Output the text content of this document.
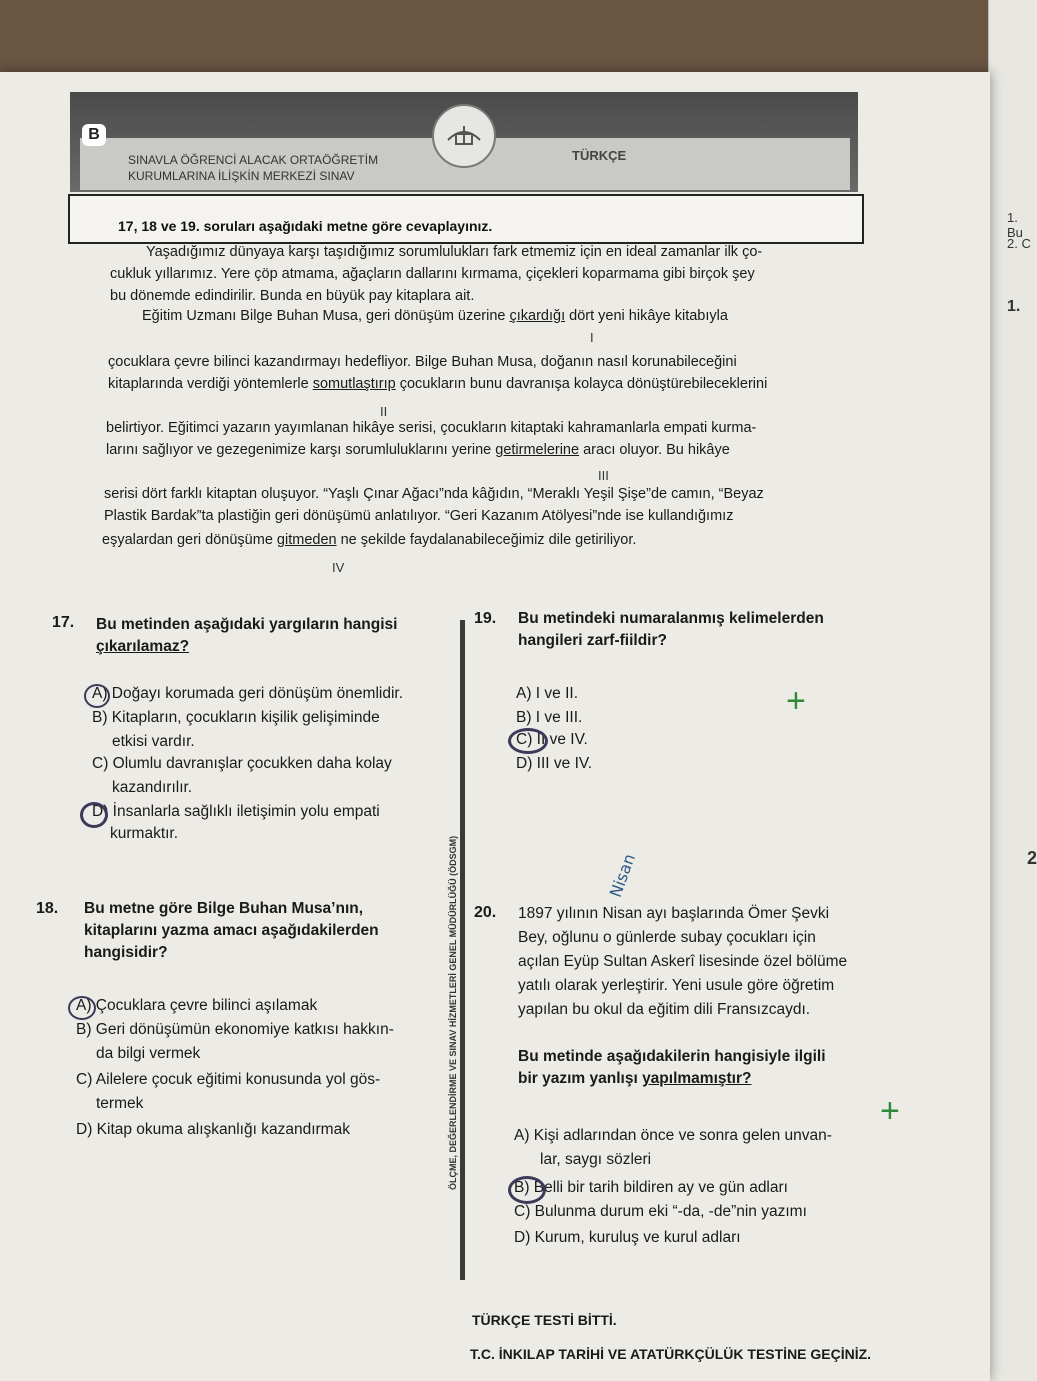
1. Bu
2. C
1.
2
B
SINAVLA ÖĞRENCİ ALACAK ORTAÖĞRETİM
KURUMLARINA İLİŞKİN MERKEZİ SINAV
TÜRKÇE
17, 18 ve 19. soruları aşağıdaki metne göre cevaplayınız.
Yaşadığımız dünyaya karşı taşıdığımız sorumlulukları fark etmemiz için en ideal zamanlar ilk ço-
cukluk yıllarımız. Yere çöp atmama, ağaçların dallarını kırmama, çiçekleri koparmama gibi birçok şey
bu dönemde edindirilir. Bunda en büyük pay kitaplara ait.
Eğitim Uzmanı Bilge Buhan Musa, geri dönüşüm üzerine çıkardığı dört yeni hikâye kitabıyla
I
çocuklara çevre bilinci kazandırmayı hedefliyor. Bilge Buhan Musa, doğanın nasıl korunabileceğini
kitaplarında verdiği yöntemlerle somutlaştırıp çocukların bunu davranışa kolayca dönüştürebileceklerini
II
belirtiyor. Eğitimci yazarın yayımlanan hikâye serisi, çocukların kitaptaki kahramanlarla empati kurma-
larını sağlıyor ve gezegenimize karşı sorumluluklarını yerine getirmelerine aracı oluyor. Bu hikâye
III
serisi dört farklı kitaptan oluşuyor. “Yaşlı Çınar Ağacı”nda kâğıdın, “Meraklı Yeşil Şişe”de camın, “Beyaz
Plastik Bardak”ta plastiğin geri dönüşümü anlatılıyor. “Geri Kazanım Atölyesi”nde ise kullandığımız
eşyalardan geri dönüşüme gitmeden ne şekilde faydalanabileceğimiz dile getiriliyor.
IV
ÖLÇME, DEĞERLENDİRME VE SINAV HİZMETLERİ GENEL MÜDÜRLÜĞÜ (ÖDSGM)
17. Bu metinden aşağıdaki yargıların hangisi
çıkarılamaz?
A) Doğayı korumada geri dönüşüm önemlidir.
B) Kitapların, çocukların kişilik gelişiminde
etkisi vardır.
C) Olumlu davranışlar çocukken daha kolay
kazandırılır.
D) İnsanlarla sağlıklı iletişimin yolu empati
kurmaktır.
18. Bu metne göre Bilge Buhan Musa’nın,
kitaplarını yazma amacı aşağıdakilerden
hangisidir?
A) Çocuklara çevre bilinci aşılamak
B) Geri dönüşümün ekonomiye katkısı hakkın-
da bilgi vermek
C) Ailelere çocuk eğitimi konusunda yol gös-
termek
D) Kitap okuma alışkanlığı kazandırmak
19. Bu metindeki numaralanmış kelimelerden
hangileri zarf-fiildir?
A) I ve II.
B) I ve III.
C) II ve IV.
D) III ve IV.
+
Nisan
20. 1897 yılının Nisan ayı başlarında Ömer Şevki
Bey, oğlunu o günlerde subay çocukları için
açılan Eyüp Sultan Askerî lisesinde özel bölüme
yatılı olarak yerleştirir. Yeni usule göre öğretim
yapılan bu okul da eğitim dili Fransızcaydı.
Bu metinde aşağıdakilerin hangisiyle ilgili
bir yazım yanlışı yapılmamıştır?
A) Kişi adlarından önce ve sonra gelen unvan-
lar, saygı sözleri
B) Belli bir tarih bildiren ay ve gün adları
C) Bulunma durum eki “-da, -de”nin yazımı
D) Kurum, kuruluş ve kurul adları
+
TÜRKÇE TESTİ BİTTİ.
T.C. İNKILAP TARİHİ VE ATATÜRKÇÜLÜK TESTİNE GEÇİNİZ.
